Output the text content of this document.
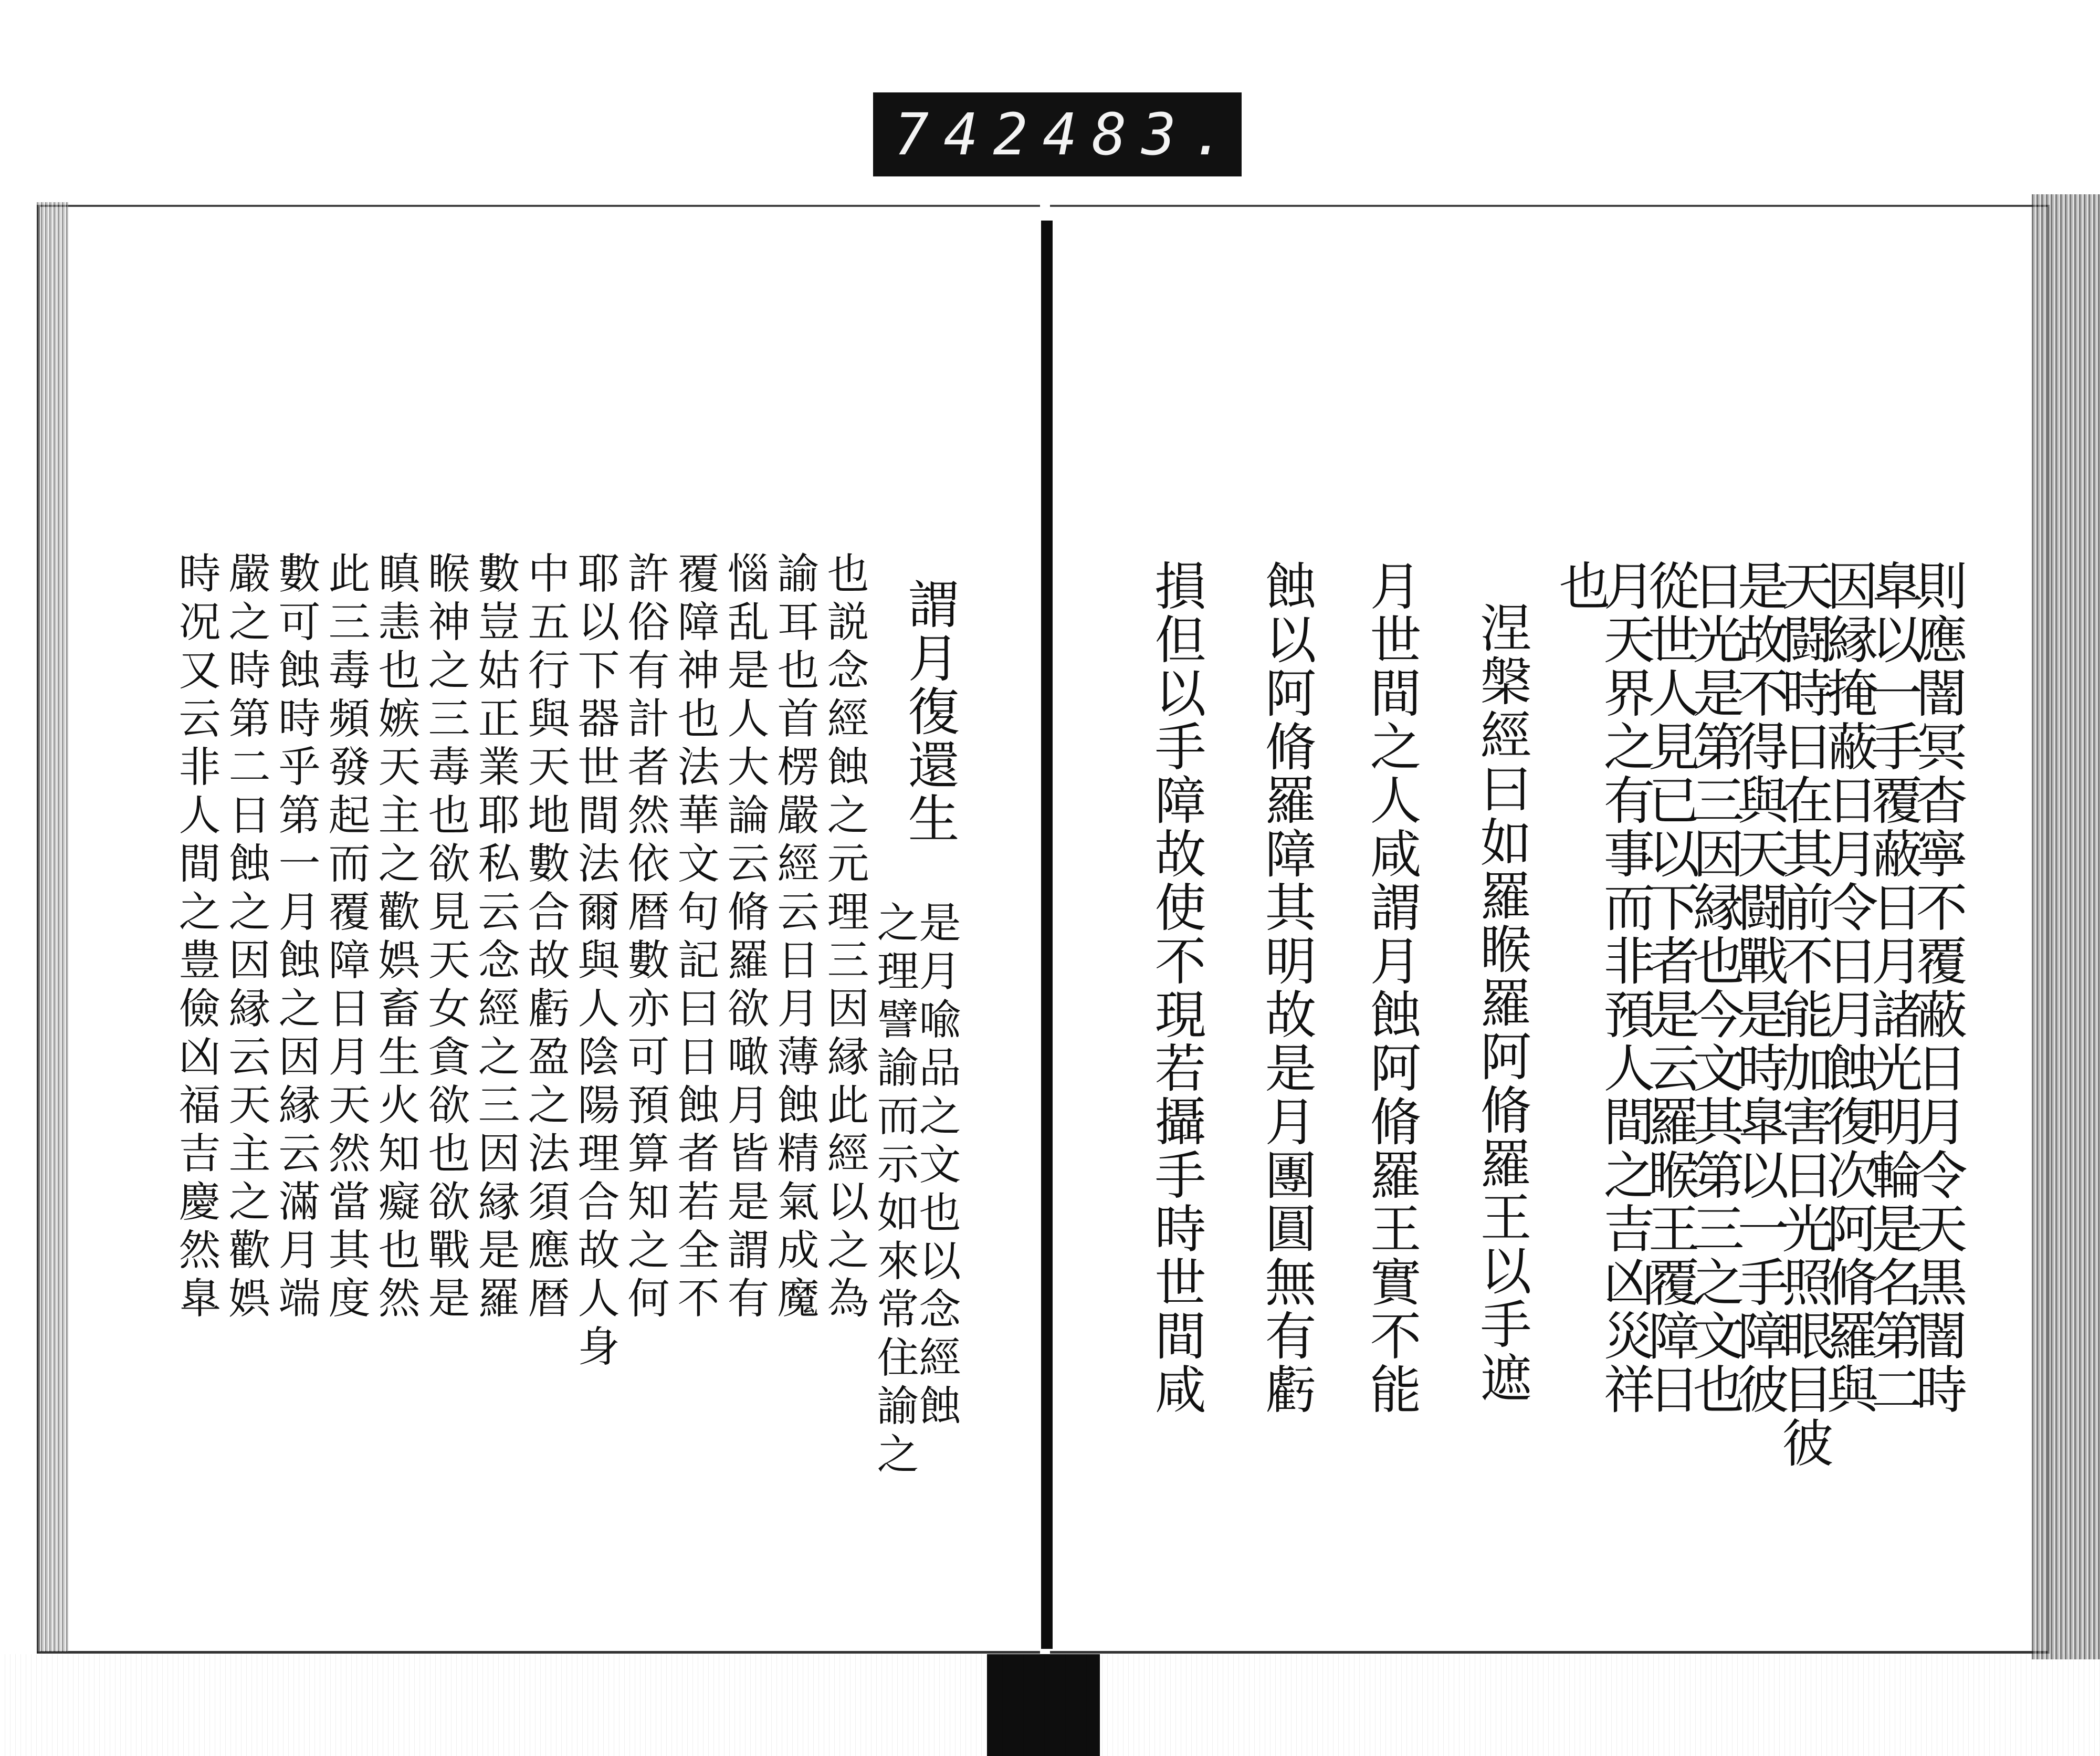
742 483.
則應闇冥杳寧不覆蔽日月令天黒闇時
臯以一手覆蔽日月諸光明輪是名第二
因縁掩蔽日月令日月蝕復次阿脩羅與
天闘時日在其前不能加害日光照眼目彼
是故不得與天闘戰是時臯以一手障彼
日光是第三因縁也今文其第三之文也
從世人見已以下者是云羅睺王覆障日
月天界之有事而非預人間之吉凶災祥
也
涅槃經曰如羅睺羅阿脩羅王以手遮
月世間之人咸謂月蝕阿脩羅王實不能
蝕以阿脩羅障其明故是月團圓無有虧
損但以手障故使不現若攝手時世間咸
謂月復還生
是月喩品之文也以念經蝕
之理譬諭而示如來常住諭之
也説念經蝕之元理三因縁此經以之為
諭耳也首楞嚴經云日月薄蝕精氣成魔
惱乱是人大論云脩羅欲噉月皆是謂有
覆障神也法華文句記曰日蝕者若全不
許俗有計者然依暦數亦可預算知之何
耶以下器世間法爾與人陰陽理合故人身
中五行與天地數合故虧盈之法須應暦
數豈姑正業耶私云念經之三因縁是羅
睺神之三毒也欲見天女貪欲也欲戰是
瞋恚也嫉天主之歡娯畜生火知癡也然
此三毒頻發起而覆障日月天然當其度
數可蝕時乎第一月蝕之因縁云滿月端
嚴之時第二日蝕之因縁云天主之歡娯
時况又云非人間之豊儉凶福吉慶然臯
